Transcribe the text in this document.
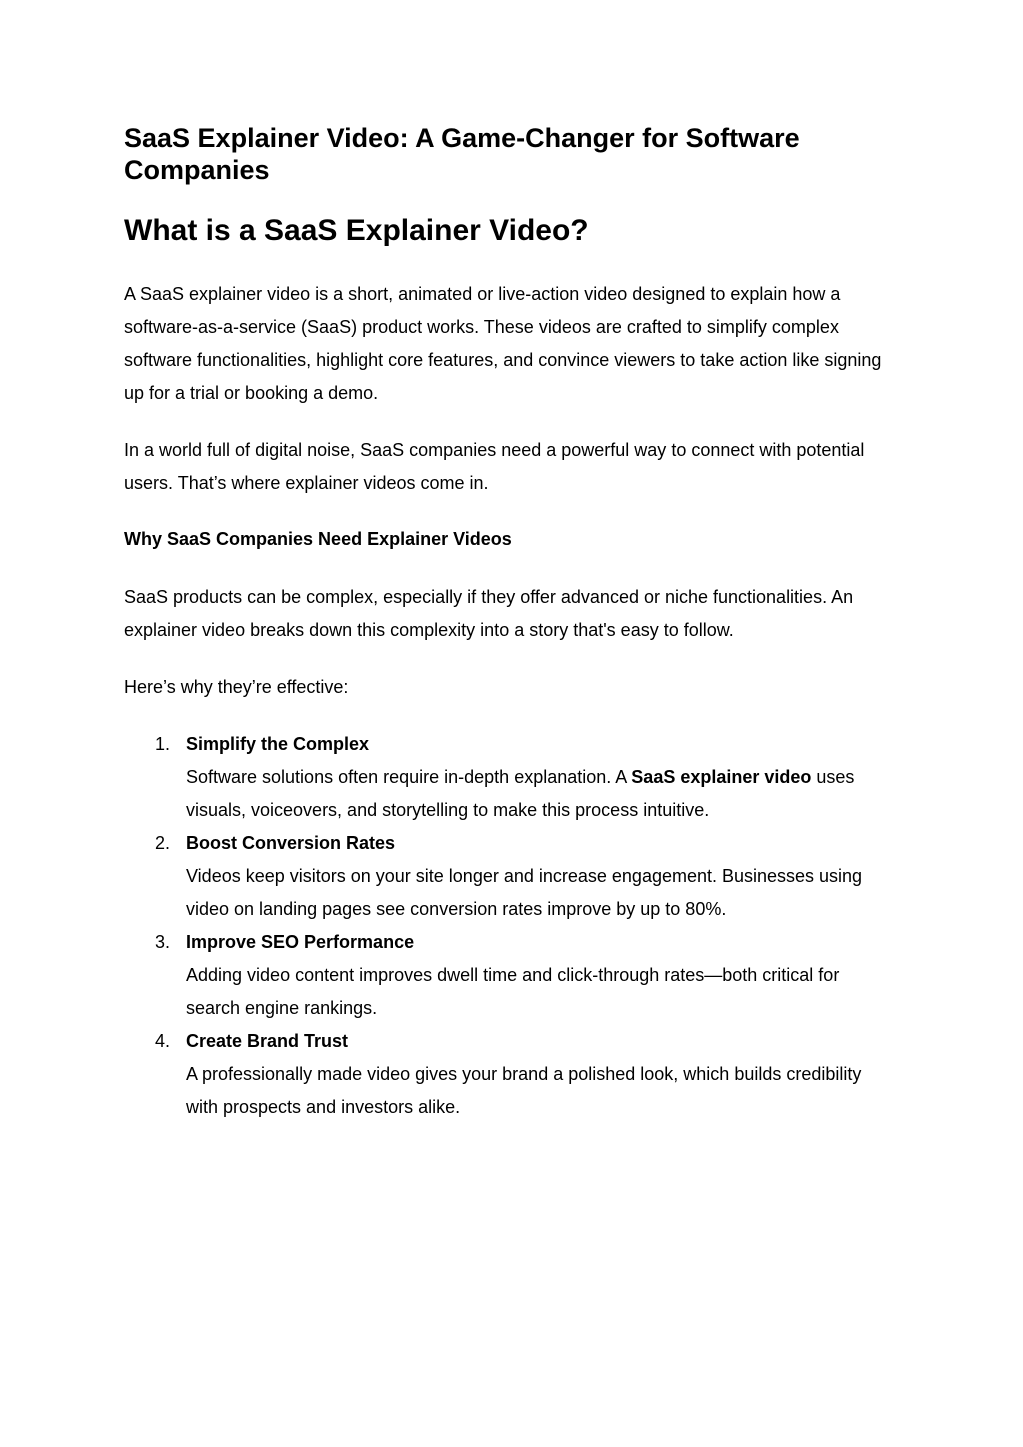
SaaS Explainer Video: A Game-Changer for Software Companies
What is a SaaS Explainer Video?

A SaaS explainer video is a short, animated or live-action video designed to explain how a software-as-a-service (SaaS) product works. These videos are crafted to simplify complex software functionalities, highlight core features, and convince viewers to take action like signing up for a trial or booking a demo.

In a world full of digital noise, SaaS companies need a powerful way to connect with potential users. That’s where explainer videos come in.

Why SaaS Companies Need Explainer Videos

SaaS products can be complex, especially if they offer advanced or niche functionalities. An explainer video breaks down this complexity into a story that's easy to follow.

Here’s why they’re effective:

1. Simplify the Complex
Software solutions often require in-depth explanation. A SaaS explainer video uses visuals, voiceovers, and storytelling to make this process intuitive.
2. Boost Conversion Rates
Videos keep visitors on your site longer and increase engagement. Businesses using video on landing pages see conversion rates improve by up to 80%.
3. Improve SEO Performance
Adding video content improves dwell time and click-through rates—both critical for search engine rankings.
4. Create Brand Trust
A professionally made video gives your brand a polished look, which builds credibility with prospects and investors alike.
